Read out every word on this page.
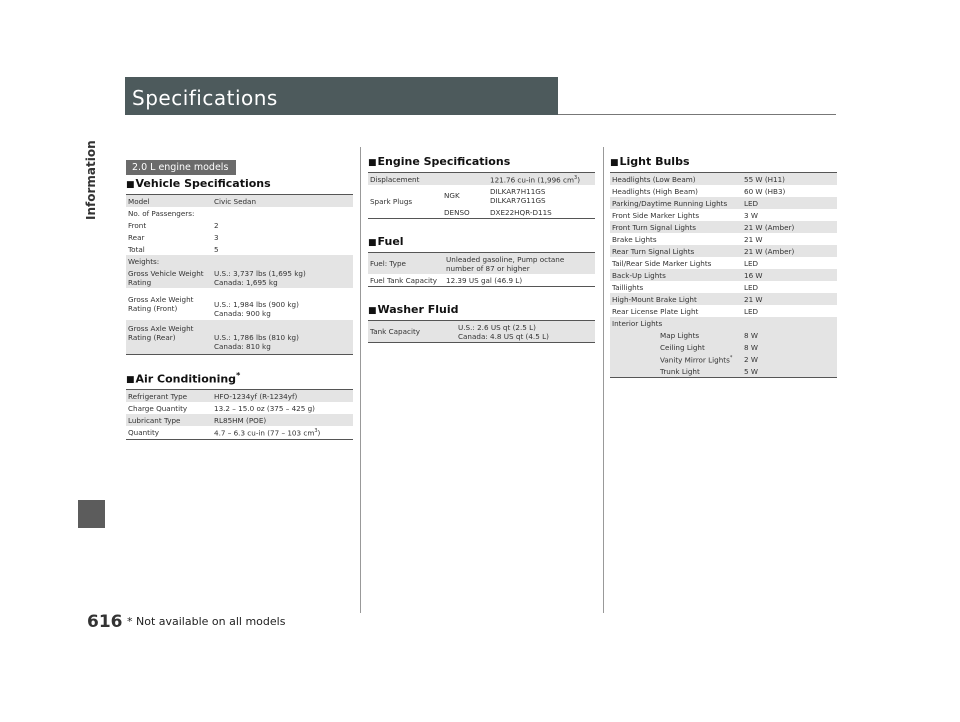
Information
Specifications
2.0 L engine models
■Vehicle Specifications
Model	Civic Sedan
No. of Passengers:	
Front	2
Rear	3
Total	5
Weights:	
Gross Vehicle Weight Rating	U.S.: 3,737 lbs (1,695 kg)
Canada: 1,695 kg

Gross Axle Weight Rating (Front)	U.S.: 1,984 lbs (900 kg)
Canada: 900 kg

Gross Axle Weight Rating (Rear)	U.S.: 1,786 lbs (810 kg)
Canada: 810 kg
■Air Conditioning*
Refrigerant Type	HFO-1234yf (R-1234yf)
Charge Quantity	13.2 – 15.0 oz (375 – 425 g)
Lubricant Type	RL85HM (POE)
Quantity	4.7 – 6.3 cu-in (77 – 103 $cm^3$)
■Engine Specifications
Displacement		121.76 cu-in (1,996 $cm^3$)
Spark Plugs	NGK	DILKAR7H11GS
DILKAR7G11GS

	DENSO	DXE22HQR-D11S
■Fuel
Fuel: Type	Unleaded gasoline, Pump octane number of 87 or higher
Fuel Tank Capacity	12.39 US gal (46.9 L)
■Washer Fluid
Tank Capacity	U.S.: 2.6 US qt (2.5 L)
Canada: 4.8 US qt (4.5 L)
■Light Bulbs
Headlights (Low Beam)	55 W (H11)
Headlights (High Beam)	60 W (HB3)
Parking/Daytime Running Lights	LED
Front Side Marker Lights	3 W
Front Turn Signal Lights	21 W (Amber)
Brake Lights	21 W
Rear Turn Signal Lights	21 W (Amber)
Tail/Rear Side Marker Lights	LED
Back-Up Lights	16 W
Taillights	LED
High-Mount Brake Light	21 W
Rear License Plate Light	LED
Interior Lights	
Map Lights	8 W
Ceiling Light	8 W
Vanity Mirror Lights*	2 W
Trunk Light	5 W
616 * Not available on all models
